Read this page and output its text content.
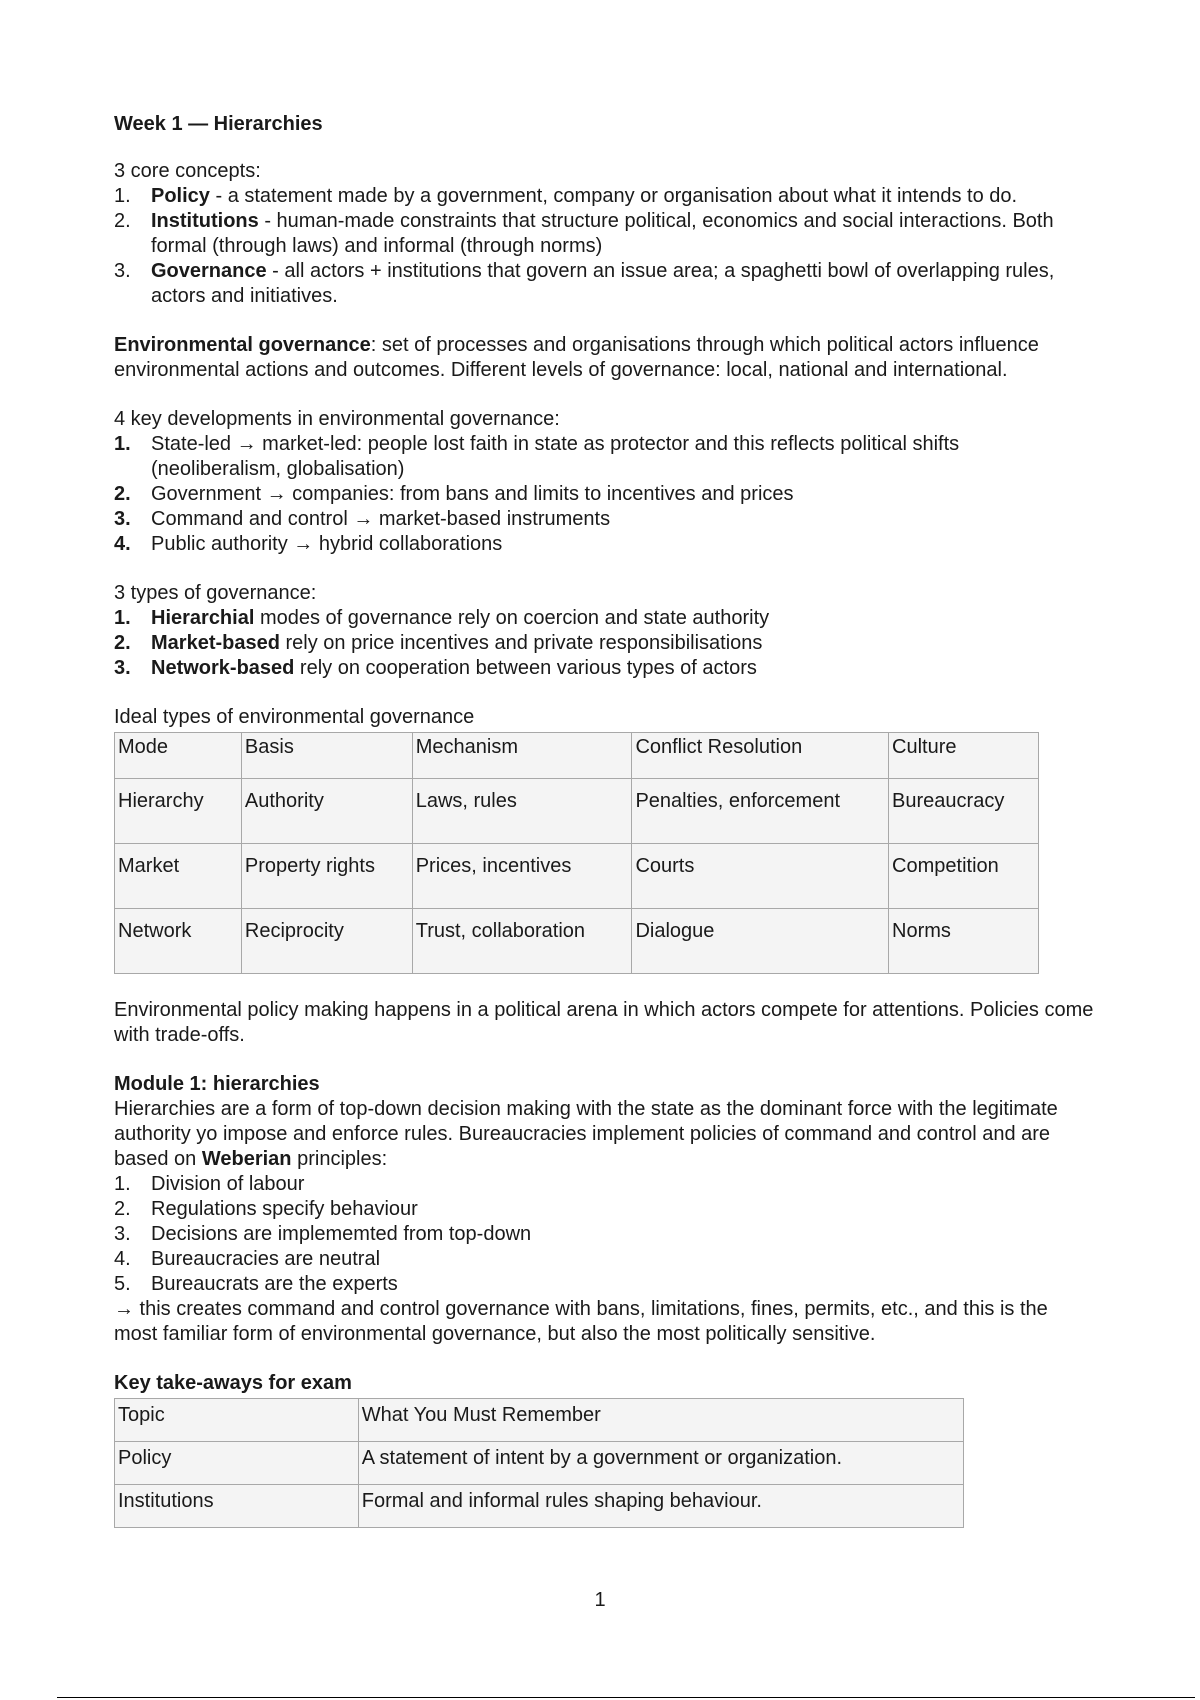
Week 1 — Hierarchies

3 core concepts:

1. Policy - a statement made by a government, company or organisation about what it intends to do.
2. Institutions - human-made constraints that structure political, economics and social interactions. Both formal (through laws) and informal (through norms)
3. Governance - all actors + institutions that govern an issue area; a spaghetti bowl of overlapping rules, actors and initiatives.

Environmental governance: set of processes and organisations through which political actors influence environmental actions and outcomes. Different levels of governance: local, national and international.

4 key developments in environmental governance:

1. State-led → market-led: people lost faith in state as protector and this reflects political shifts (neoliberalism, globalisation)
2. Government → companies: from bans and limits to incentives and prices
3. Command and control → market-based instruments
4. Public authority → hybrid collaborations

3 types of governance:

1. Hierarchial modes of governance rely on coercion and state authority
2. Market-based rely on price incentives and private responsibilisations
3. Network-based rely on cooperation between various types of actors

Ideal types of environmental governance

Mode	Basis	Mechanism	Conflict Resolution	Culture
Hierarchy	Authority	Laws, rules	Penalties, enforcement	Bureaucracy
Market	Property rights	Prices, incentives	Courts	Competition
Network	Reciprocity	Trust, collaboration	Dialogue	Norms

Environmental policy making happens in a political arena in which actors compete for attentions. Policies come with trade-offs.

Module 1: hierarchies

Hierarchies are a form of top-down decision making with the state as the dominant force with the legitimate authority yo impose and enforce rules. Bureaucracies implement policies of command and control and are based on Weberian principles:

1. Division of labour
2. Regulations specify behaviour
3. Decisions are implememted from top-down
4. Bureaucracies are neutral
5. Bureaucrats are the experts

→ this creates command and control governance with bans, limitations, fines, permits, etc., and this is the most familiar form of environmental governance, but also the most politically sensitive.

Key take-aways for exam

Topic	What You Must Remember
Policy	A statement of intent by a government or organization.
Institutions	Formal and informal rules shaping behaviour.
1
